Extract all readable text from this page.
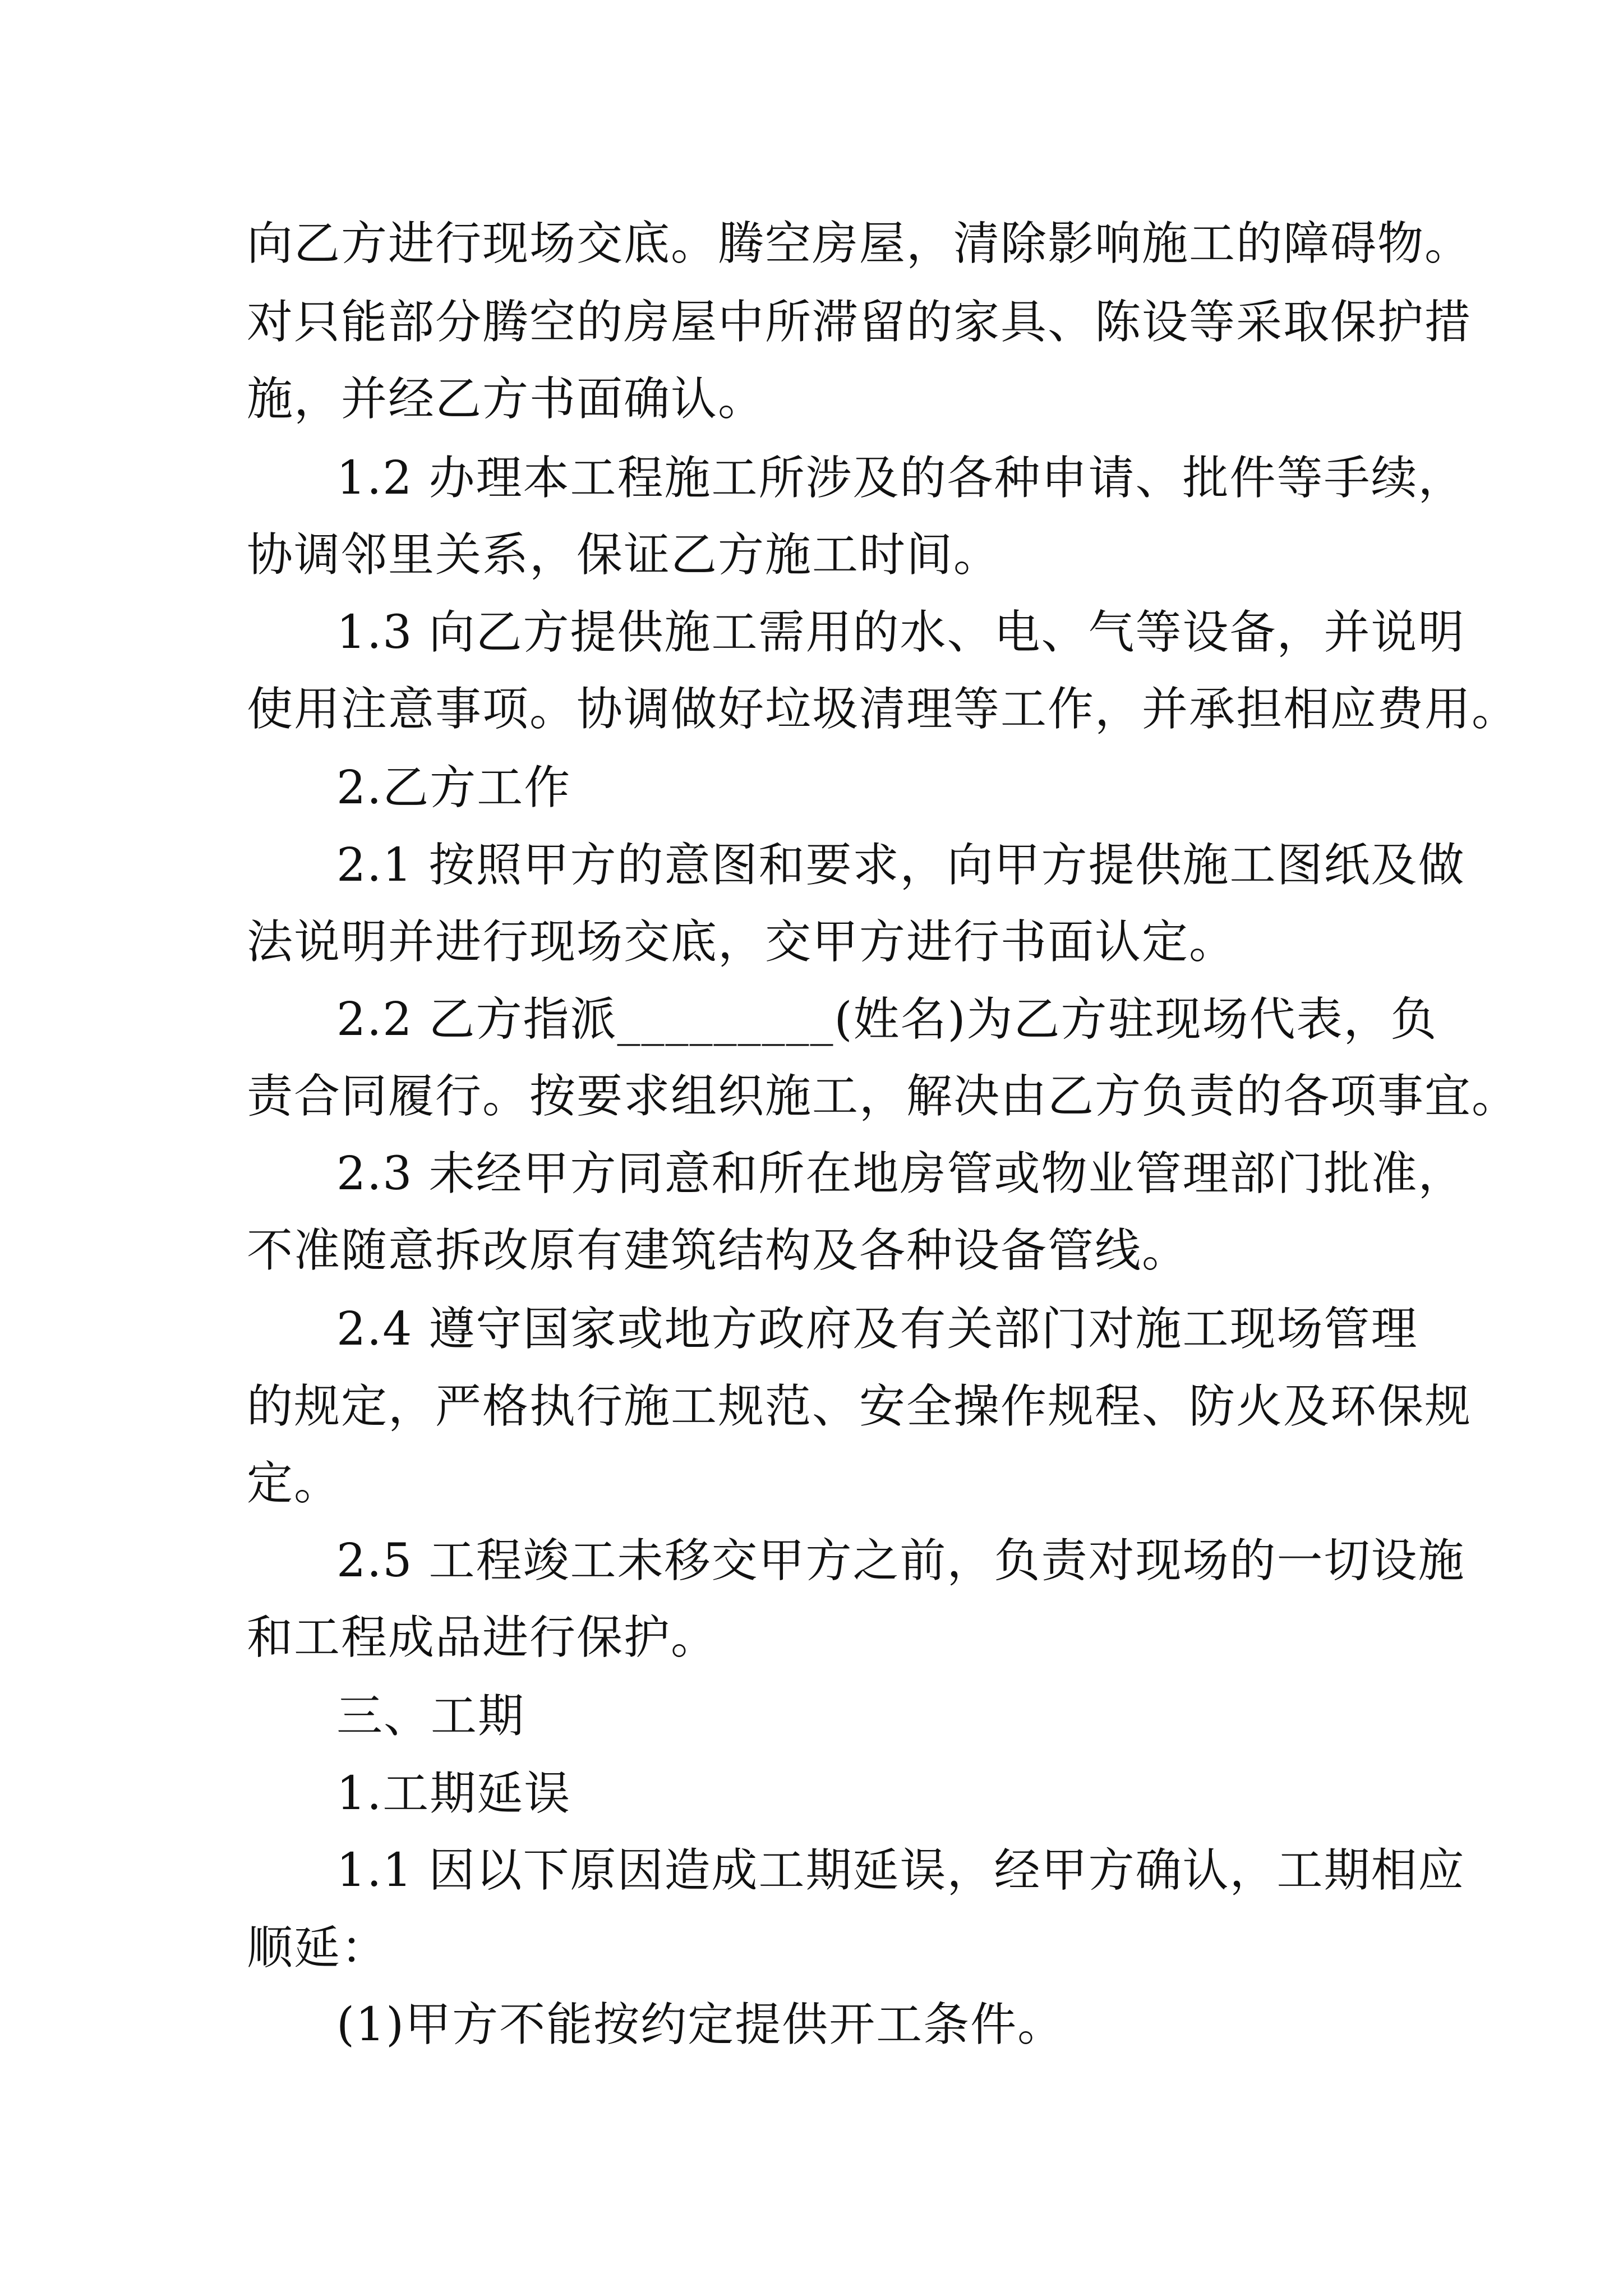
向乙方进行现场交底。腾空房屋，清除影响施工的障碍物。
对只能部分腾空的房屋中所滞留的家具、陈设等采取保护措
施，并经乙方书面确认。
1.2 办理本工程施工所涉及的各种申请、批件等手续，
协调邻里关系，保证乙方施工时间。
1.3 向乙方提供施工需用的水、电、气等设备，并说明
使用注意事项。协调做好垃圾清理等工作，并承担相应费用。
2.乙方工作
2.1 按照甲方的意图和要求，向甲方提供施工图纸及做
法说明并进行现场交底，交甲方进行书面认定。
2.2 乙方指派_________(姓名)为乙方驻现场代表，负
责合同履行。按要求组织施工，解决由乙方负责的各项事宜。
2.3 未经甲方同意和所在地房管或物业管理部门批准，
不准随意拆改原有建筑结构及各种设备管线。
2.4 遵守国家或地方政府及有关部门对施工现场管理
的规定，严格执行施工规范、安全操作规程、防火及环保规
定。
2.5 工程竣工未移交甲方之前，负责对现场的一切设施
和工程成品进行保护。
三、工期
1.工期延误
1.1 因以下原因造成工期延误，经甲方确认，工期相应
顺延：
(1)甲方不能按约定提供开工条件。
